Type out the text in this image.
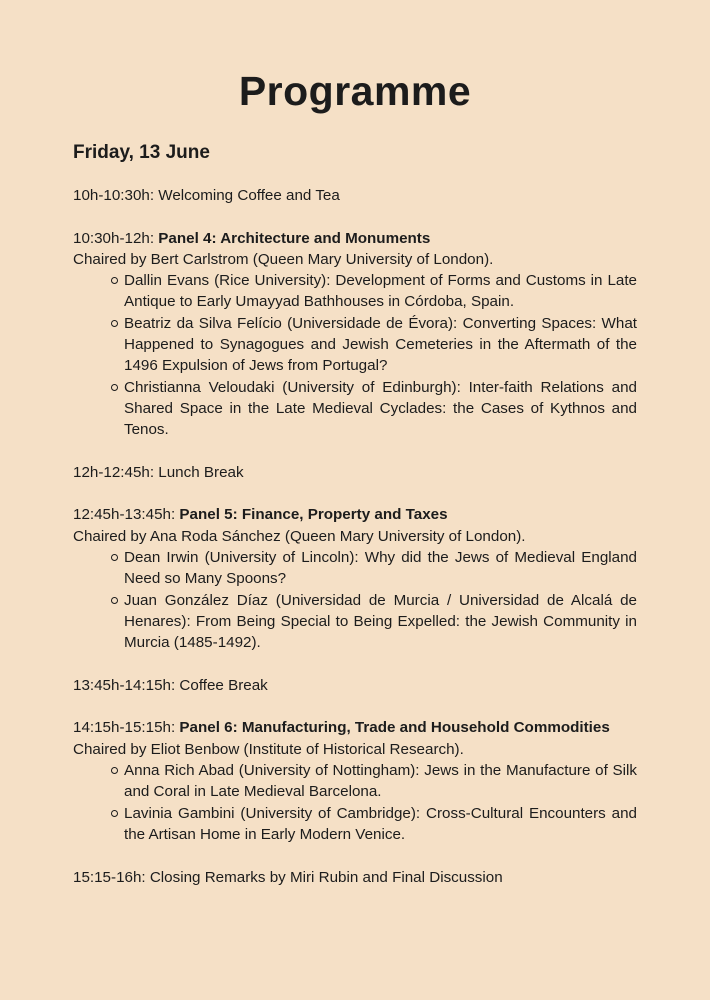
Programme
Friday, 13 June
10h-10:30h: Welcoming Coffee and Tea
10:30h-12h: Panel 4: Architecture and Monuments
Chaired by Bert Carlstrom (Queen Mary University of London).
Dallin Evans (Rice University): Development of Forms and Customs in Late Antique to Early Umayyad Bathhouses in Córdoba, Spain.
Beatriz da Silva Felício (Universidade de Évora): Converting Spaces: What Happened to Synagogues and Jewish Cemeteries in the Aftermath of the 1496 Expulsion of Jews from Portugal?
Christianna Veloudaki (University of Edinburgh): Inter-faith Relations and Shared Space in the Late Medieval Cyclades: the Cases of Kythnos and Tenos.
12h-12:45h: Lunch Break
12:45h-13:45h: Panel 5: Finance, Property and Taxes
Chaired by Ana Roda Sánchez (Queen Mary University of London).
Dean Irwin (University of Lincoln): Why did the Jews of Medieval England Need so Many Spoons?
Juan González Díaz (Universidad de Murcia / Universidad de Alcalá de Henares): From Being Special to Being Expelled: the Jewish Community in Murcia (1485-1492).
13:45h-14:15h: Coffee Break
14:15h-15:15h: Panel 6: Manufacturing, Trade and Household Commodities
Chaired by Eliot Benbow (Institute of Historical Research).
Anna Rich Abad (University of Nottingham): Jews in the Manufacture of Silk and Coral in Late Medieval Barcelona.
Lavinia Gambini (University of Cambridge): Cross-Cultural Encounters and the Artisan Home in Early Modern Venice.
15:15-16h: Closing Remarks by Miri Rubin and Final Discussion
